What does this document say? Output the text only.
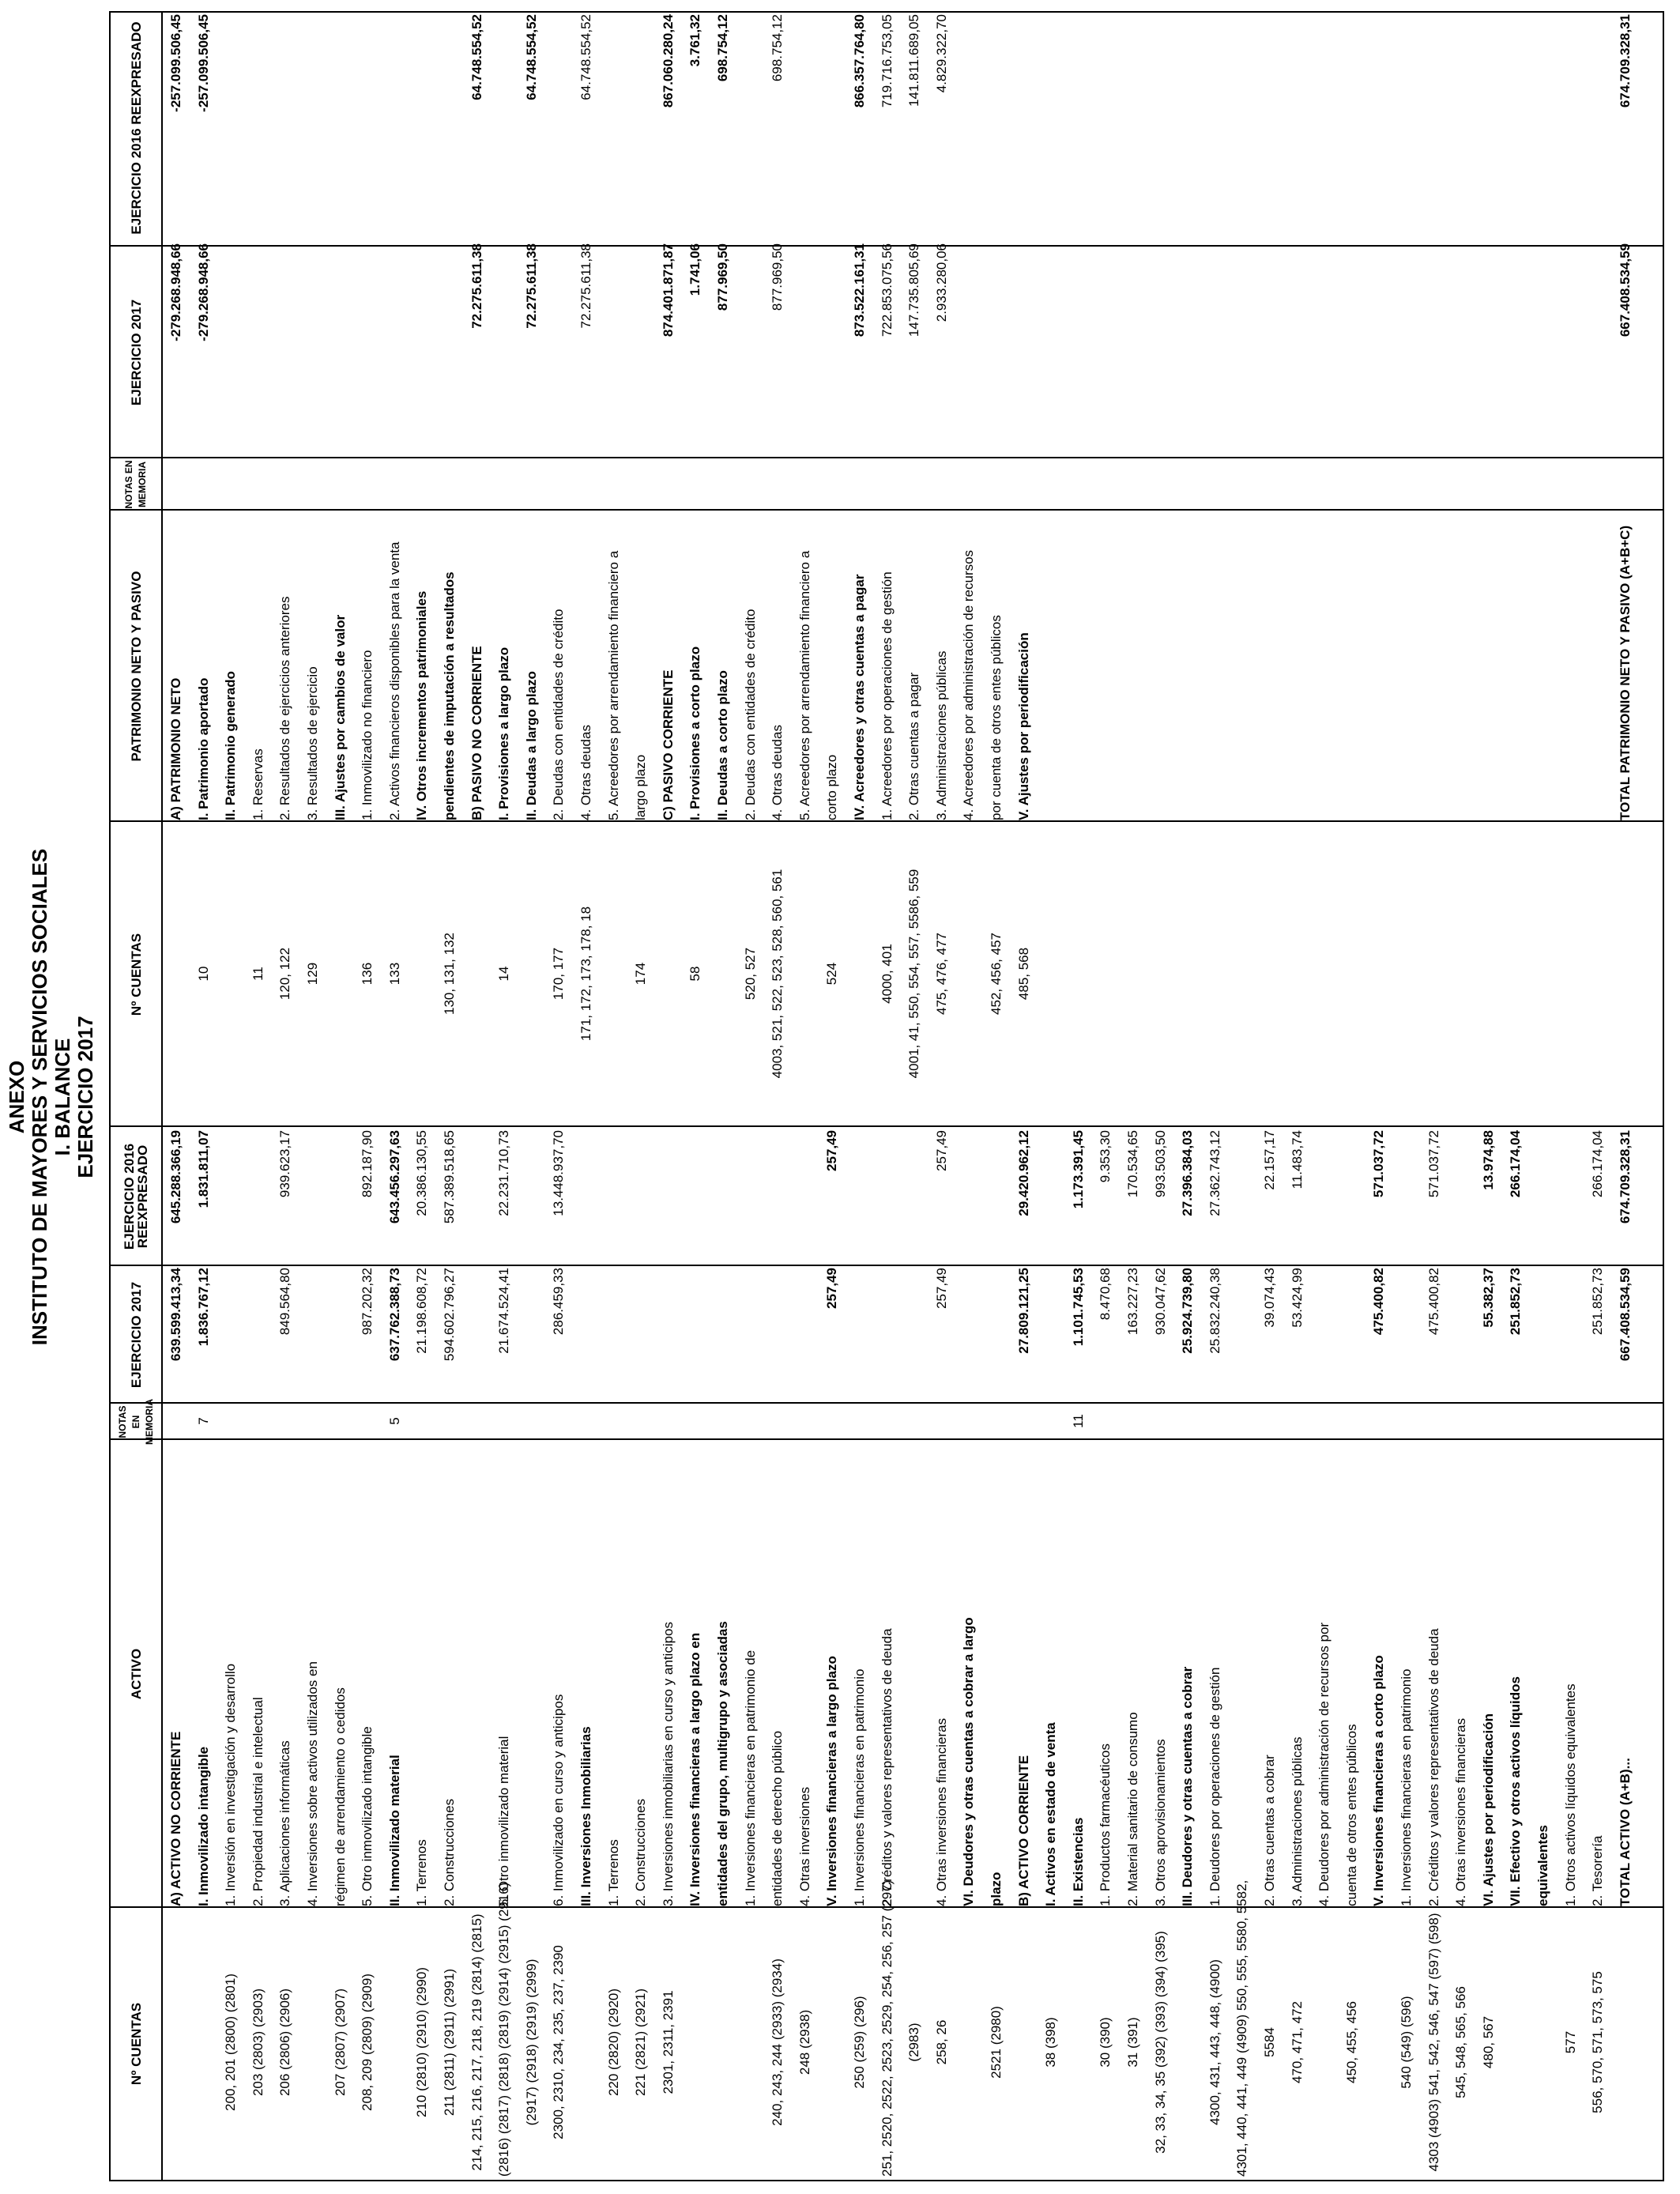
ANEXO INSTITUTO DE MAYORES Y SERVICIOS SOCIALES I. BALANCE EJERCICIO 2017
A) ACTIVO NO CORRIENTE
639.599.413,34
645.288.366,19
I. Inmovilizado intangible
7
1.836.767,12
1.831.811,07
200, 201 (2800) (2801)
1. Inversión en investigación y desarrollo
203 (2803) (2903)
2. Propiedad industrial e intelectual
206 (2806) (2906)
3. Aplicaciones informáticas
849.564,80
939.623,17
4. Inversiones sobre activos utilizados en
207 (2807) (2907)
régimen de arrendamiento o cedidos
208, 209 (2809) (2909)
5. Otro inmovilizado intangible
987.202,32
892.187,90
II. Inmovilizado material
5
637.762.388,73
643.456.297,63
210 (2810) (2910) (2990)
1. Terrenos
21.198.608,72
20.386.130,55
211 (2811) (2911) (2991)
2. Construcciones
594.602.796,27
587.389.518,65
214, 215, 216, 217, 218, 219 (2814) (2815) (2816) (2817) (2818) (2819) (2914) (2915) (2916)
5. Otro inmovilizado material
21.674.524,41
22.231.710,73
(2917) (2918) (2919) (2999) 2300, 2310, 234, 235, 237, 2390
6. Inmovilizado en curso y anticipos
286.459,33
13.448.937,70
III. Inversiones Inmobiliarias
220 (2820) (2920)
1. Terrenos
221 (2821) (2921)
2. Construcciones
2301, 2311, 2391
3. Inversiones inmobiliarias en curso y anticipos IV. Inversiones financieras a largo plazo en entidades del grupo, multigrupo y asociadas 1. Inversiones financieras en patrimonio de
240, 243, 244 (2933) (2934)
entidades de derecho público
248 (2938)
4. Otras inversiones V. Inversiones financieras a largo plazo
257,49
257,49
250 (259) (296)
1. Inversiones financieras en patrimonio
251, 2520, 2522, 2523, 2529, 254, 256, 257 (297)
2. Créditos y valores representativos de deuda
(2983) 258, 26
4. Otras inversiones financieras
257,49
257,49
VI. Deudores y otras cuentas a cobrar a largo
2521 (2980)
plazo B) ACTIVO CORRIENTE
27.809.121,25
29.420.962,12
38 (398)
I. Activos en estado de venta II. Existencias
11
1.101.745,53
1.173.391,45
30 (390)
1. Productos farmacéuticos
8.470,68
9.353,30
31 (391)
2. Material sanitario de consumo
163.227,23
170.534,65
32, 33, 34, 35 (392) (393) (394) (395)
3. Otros aprovisionamientos
930.047,62
993.503,50
III. Deudores y otras cuentas a cobrar
25.924.739,80
27.396.384,03
4300, 431, 443, 448, (4900)
1. Deudores por operaciones de gestión
25.832.240,38
27.362.743,12
4301, 440, 441, 449 (4909) 550, 555, 5580, 5582, 5584
2. Otras cuentas a cobrar
39.074,43
22.157,17
470, 471, 472
3. Administraciones públicas
53.424,99
11.483,74
4. Deudores por administración de recursos por
450, 455, 456
cuenta de otros entes públicos V. Inversiones financieras a corto plazo
475.400,82
571.037,72
540 (549) (596)
1. Inversiones financieras en patrimonio
4303 (4903) 541, 542, 546, 547 (597) (598)
2. Créditos y valores representativos de deuda
475.400,82
571.037,72
545, 548, 565, 566
4. Otras inversiones financieras
480, 567
VI. Ajustes por periodificación
55.382,37
13.974,88
VII. Efectivo y otros activos líquidos
251.852,73
266.174,04
equivalentes
577
1. Otros activos líquidos equivalentes
556, 570, 571, 573, 575
2. Tesorería
251.852,73
266.174,04
TOTAL ACTIVO (A+B)...
667.408.534,59
674.709.328,31
A) PATRIMONIO NETO
-279.268.948,66
-257.099.506,45
10
I. Patrimonio aportado
-279.268.948,66
-257.099.506,45
II. Patrimonio generado
11
1. Reservas
120, 122
2. Resultados de ejercicios anteriores
129
3. Resultados de ejercicio III. Ajustes por cambios de valor
136
1. Inmovilizado no financiero
133
2. Activos financieros disponibles para la venta IV. Otros incrementos patrimoniales
130, 131, 132
pendientes de imputación a resultados B) PASIVO NO CORRIENTE
72.275.611,38
64.748.554,52
14
I. Provisiones a largo plazo II. Deudas a largo plazo
72.275.611,38
64.748.554,52
170, 177
2. Deudas con entidades de crédito
171, 172, 173, 178, 18
4. Otras deudas
72.275.611,38
64.748.554,52
5. Acreedores por arrendamiento financiero a
174
largo plazo C) PASIVO CORRIENTE
874.401.871,87
867.060.280,24
58
I. Provisiones a corto plazo
1.741,06
3.761,32
II. Deudas a corto plazo
877.969,50
698.754,12
520, 527
2. Deudas con entidades de crédito
4003, 521, 522, 523, 528, 560, 561
4. Otras deudas
877.969,50
698.754,12
5. Acreedores por arrendamiento financiero a
524
corto plazo IV. Acreedores y otras cuentas a pagar
873.522.161,31
866.357.764,80
4000, 401
1. Acreedores por operaciones de gestión
722.853.075,56
719.716.753,05
4001, 41, 550, 554, 557, 5586, 559
2. Otras cuentas a pagar
147.735.805,69
141.811.689,05
475, 476, 477
3. Administraciones públicas
2.933.280,06
4.829.322,70
4. Acreedores por administración de recursos
452, 456, 457
por cuenta de otros entes públicos
485, 568
V. Ajustes por periodificación	TOTAL PATRIMONIO NETO Y PASIVO (A+B+C)
667.408.534,59
674.709.328,31
Nº CUENTAS
ACTIVO
NOTAS EN MEMORIA
EJERCICIO 2017
EJERCICIO 2016 REEXPRESADO
Nº CUENTAS
PATRIMONIO NETO Y PASIVO
NOTAS EN MEMORIA
EJERCICIO 2017
EJERCICIO 2016 REEXPRESADO
